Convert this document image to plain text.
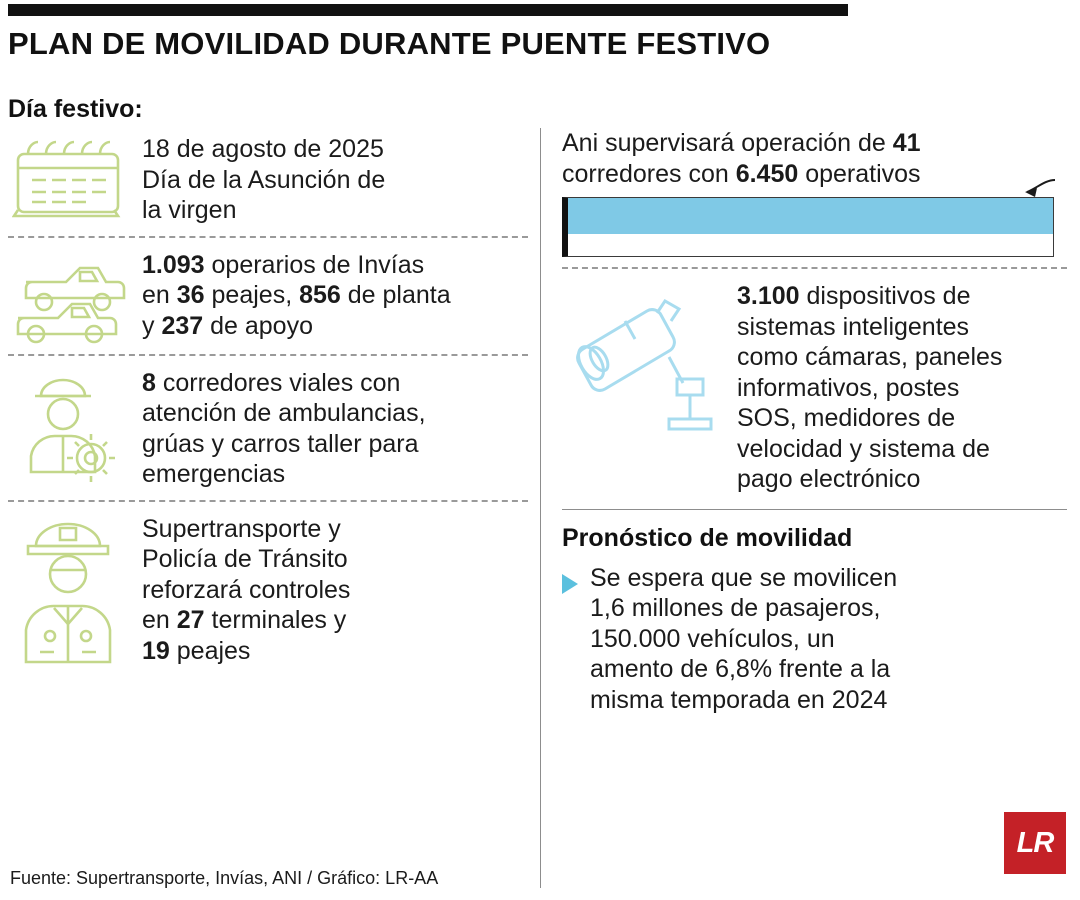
PLAN DE MOVILIDAD DURANTE PUENTE FESTIVO
Día festivo:
18 de agosto de 2025
Día de la Asunción de
la virgen
1.093 operarios de Invías
en 36 peajes, 856 de planta
y 237 de apoyo
8 corredores viales con
atención de ambulancias,
grúas y carros taller para
emergencias
Supertransporte y
Policía de Tránsito
reforzará controles
en 27 terminales y
19 peajes
Ani supervisará operación de 41
corredores con 6.450 operativos
3.100 dispositivos de
sistemas inteligentes
como cámaras, paneles
informativos, postes
SOS, medidores de
velocidad y sistema de
pago electrónico
Pronóstico de movilidad
Se espera que se movilicen
1,6 millones de pasajeros,
150.000 vehículos, un
amento de 6,8% frente a la
misma temporada en 2024
Fuente: Supertransporte, Invías, ANI / Gráfico: LR-AA
LR
